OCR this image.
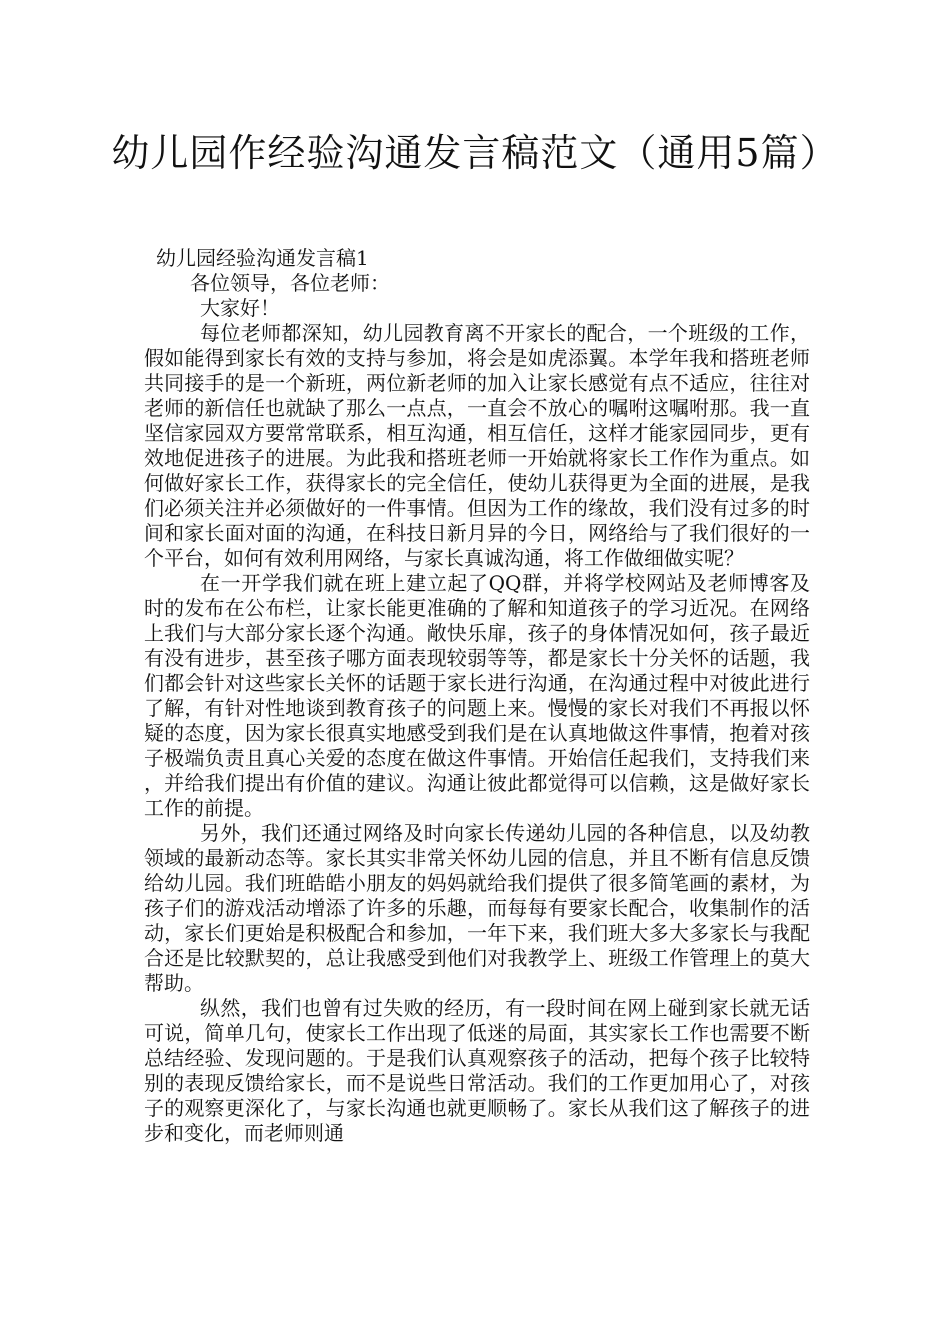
幼儿园作经验沟通发言稿范文（通用5篇）

幼儿园经验沟通发言稿1

各位领导，各位老师：

大家好！

每位老师都深知，幼儿园教育离不开家长的配合，一个班级的工作，假如能得到家长有效的支持与参加，将会是如虎添翼。本学年我和搭班老师共同接手的是一个新班，两位新老师的加入让家长感觉有点不适应，往往对老师的新信任也就缺了那么一点点，一直会不放心的嘱咐这嘱咐那。我一直坚信家园双方要常常联系，相互沟通，相互信任，这样才能家园同步，更有效地促进孩子的进展。为此我和搭班老师一开始就将家长工作作为重点。如何做好家长工作，获得家长的完全信任，使幼儿获得更为全面的进展，是我们必须关注并必须做好的一件事情。但因为工作的缘故，我们没有过多的时间和家长面对面的沟通，在科技日新月异的今日，网络给与了我们很好的一个平台，如何有效利用网络，与家长真诚沟通，将工作做细做实呢？

在一开学我们就在班上建立起了QQ群，并将学校网站及老师博客及时的发布在公布栏，让家长能更准确的了解和知道孩子的学习近况。在网络上我们与大部分家长逐个沟通。敞快乐扉，孩子的身体情况如何，孩子最近有没有进步，甚至孩子哪方面表现较弱等等，都是家长十分关怀的话题，我们都会针对这些家长关怀的话题于家长进行沟通，在沟通过程中对彼此进行了解，有针对性地谈到教育孩子的问题上来。慢慢的家长对我们不再报以怀疑的态度，因为家长很真实地感受到我们是在认真地做这件事情，抱着对孩子极端负责且真心关爱的态度在做这件事情。开始信任起我们，支持我们来，并给我们提出有价值的建议。沟通让彼此都觉得可以信赖，这是做好家长工作的前提。

另外，我们还通过网络及时向家长传递幼儿园的各种信息，以及幼教领域的最新动态等。家长其实非常关怀幼儿园的信息，并且不断有信息反馈给幼儿园。我们班皓皓小朋友的妈妈就给我们提供了很多简笔画的素材，为孩子们的游戏活动增添了许多的乐趣，而每每有要家长配合，收集制作的活动，家长们更始是积极配合和参加，一年下来，我们班大多大多家长与我配合还是比较默契的，总让我感受到他们对我教学上、班级工作管理上的莫大帮助。

纵然，我们也曾有过失败的经历，有一段时间在网上碰到家长就无话可说，简单几句，使家长工作出现了低迷的局面，其实家长工作也需要不断总结经验、发现问题的。于是我们认真观察孩子的活动，把每个孩子比较特别的表现反馈给家长，而不是说些日常活动。我们的工作更加用心了，对孩子的观察更深化了，与家长沟通也就更顺畅了。家长从我们这了解孩子的进步和变化，而老师则通
